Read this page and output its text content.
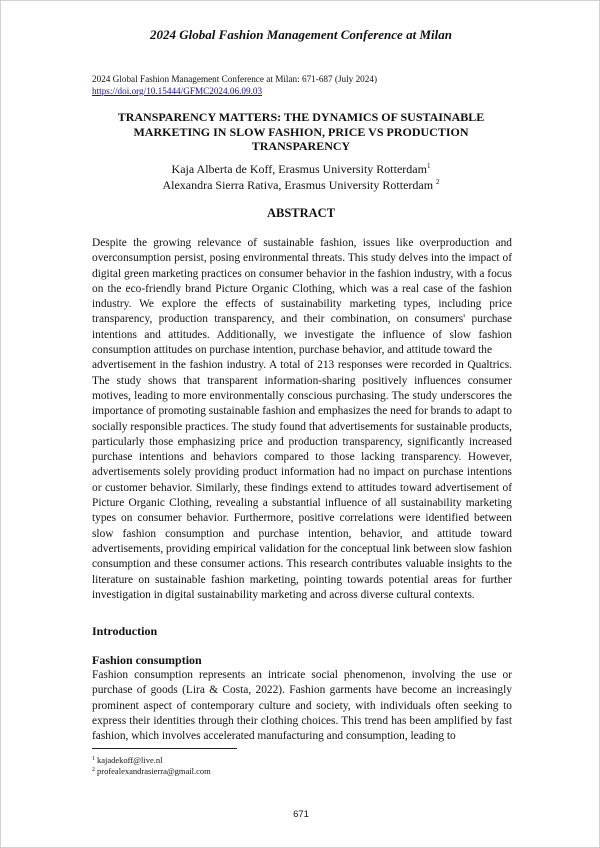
2024 Global Fashion Management Conference at Milan
2024 Global Fashion Management Conference at Milan: 671-687 (July 2024)
https://doi.org/10.15444/GFMC2024.06.09.03
TRANSPARENCY MATTERS: THE DYNAMICS OF SUSTAINABLE MARKETING IN SLOW FASHION, PRICE VS PRODUCTION TRANSPARENCY
Kaja Alberta de Koff, Erasmus University Rotterdam$^1$
Alexandra Sierra Rativa, Erasmus University Rotterdam $^2$
ABSTRACT

Despite the growing relevance of sustainable fashion, issues like overproduction and overconsumption persist, posing environmental threats. This study delves into the impact of digital green marketing practices on consumer behavior in the fashion industry, with a focus on the eco-friendly brand Picture Organic Clothing, which was a real case of the fashion industry. We explore the effects of sustainability marketing types, including price transparency, production transparency, and their combination, on consumers' purchase intentions and attitudes. Additionally, we investigate the influence of slow fashion consumption attitudes on purchase intention, purchase behavior, and attitude toward the

advertisement in the fashion industry. A total of 213 responses were recorded in Qualtrics. The study shows that transparent information-sharing positively influences consumer motives, leading to more environmentally conscious purchasing. The study underscores the importance of promoting sustainable fashion and emphasizes the need for brands to adapt to socially responsible practices. The study found that advertisements for sustainable products, particularly those emphasizing price and production transparency, significantly increased purchase intentions and behaviors compared to those lacking transparency. However, advertisements solely providing product information had no impact on purchase intentions or customer behavior. Similarly, these findings extend to attitudes toward advertisement of Picture Organic Clothing, revealing a substantial influence of all sustainability marketing types on consumer behavior. Furthermore, positive correlations were identified between slow fashion consumption and purchase intention, behavior, and attitude toward advertisements, providing empirical validation for the conceptual link between slow fashion consumption and these consumer actions. This research contributes valuable insights to the literature on sustainable fashion marketing, pointing towards potential areas for further investigation in digital sustainability marketing and across diverse cultural contexts.

Introduction
Fashion consumption

Fashion consumption represents an intricate social phenomenon, involving the use or purchase of goods (Lira & Costa, 2022). Fashion garments have become an increasingly prominent aspect of contemporary culture and society, with individuals often seeking to express their identities through their clothing choices. This trend has been amplified by fast fashion, which involves accelerated manufacturing and consumption, leading to

$^1$ kajadekoff@live.nl
$^2$ profealexandrasierra@gmail.com
671
